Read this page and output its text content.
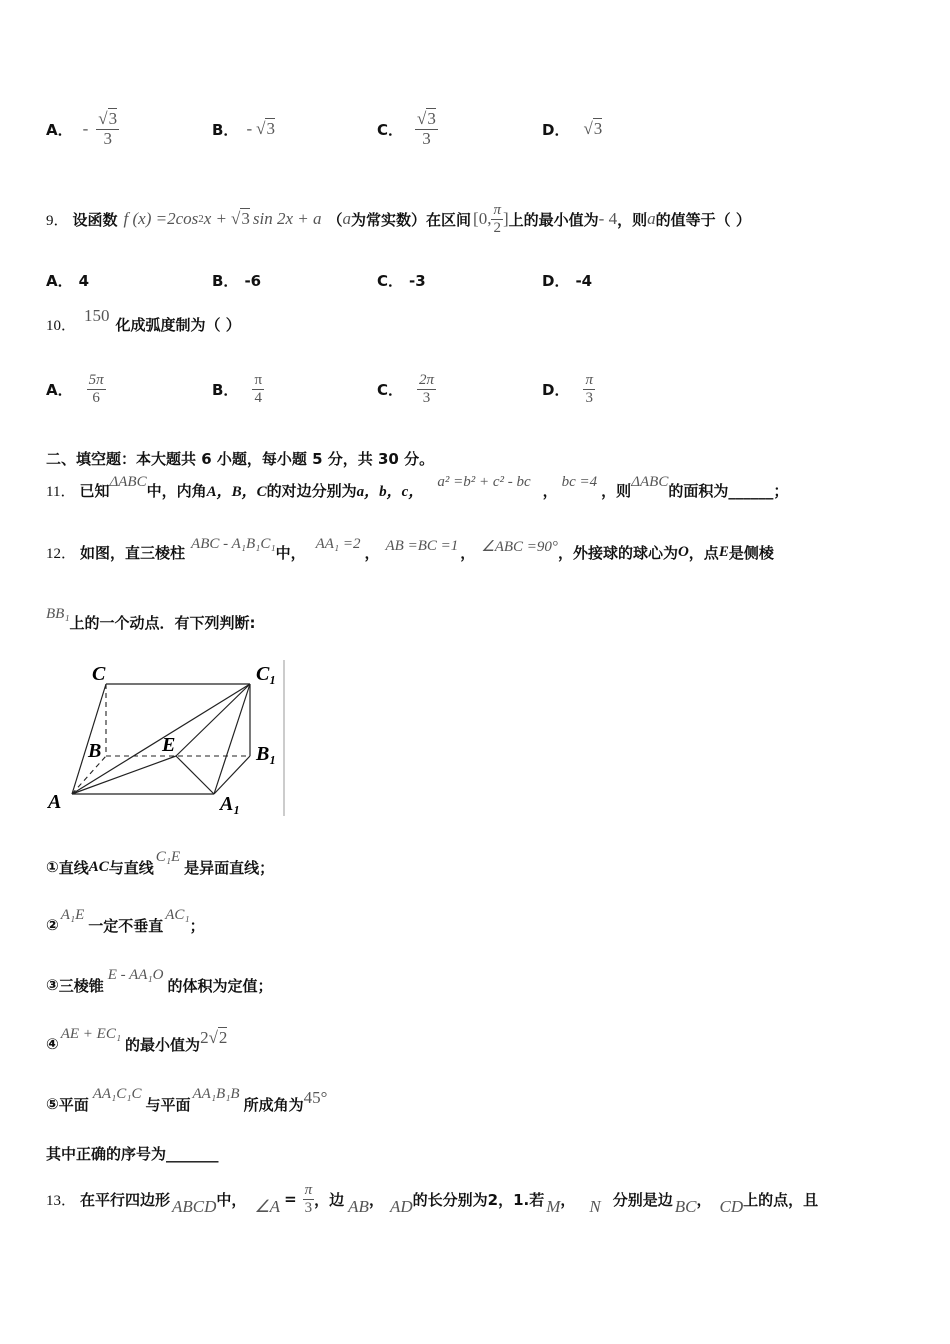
A． - $\frac{√3}{3}$	B． - √3	C． $\frac{√3}{3}$	D． √3
9． 设函数 f (x) =2cos 2 x + √3 sin 2x + a （ a 为常实数）在区间 [0, $\frac{\pi}{2}$ ] 上的最小值为 - 4 ，则 a 的值等于（ ）
A． 4	B． -6	C． -3	D． -4
10．
150 化成弧度制为（ ）
A． $\frac{5\pi}{6}$	B． $\frac{\pi}{4}$	C． $\frac{2\pi}{3}$	D． $\frac{\pi}{3}$
二、填空题：本大题共 6 小题，每小题 5 分，共 30 分。
11． 已知 ΔABC 中，内角 A，B，C 的对边分别为 a，b，c，
a² =b² + c² - bc ， bc =4 ，则 ΔABC 的面积为______；
12． 如图，直三棱柱 ABC - A₁B₁C₁ 中， AA₁ =2 ， AB =BC =1 ， ∠ABC =90° ，外接球的球心为 O ，点 E 是侧棱
BB₁ 上的一个动点．有下列判断:
C	C₁
B	E	B₁
A	A₁
① 直线 AC 与直线
C₁E
是异面直线；
②
A₁E
一定不垂直
AC₁
；
③ 三棱锥
E - AA₁O
的体积为定值；
④
AE + EC₁
的最小值为 2 √2
⑤ 平面
AA₁C₁C
与平面
AA₁B₁B
所成角为 45°
其中正确的序号为_______
13． 在平行四边形 ABCD 中， ∠A = $\frac{\pi}{3}$ ，边 AB ， AD 的长分别为2，1.若 M ， N 分别是边 BC ， CD 上的点，且
